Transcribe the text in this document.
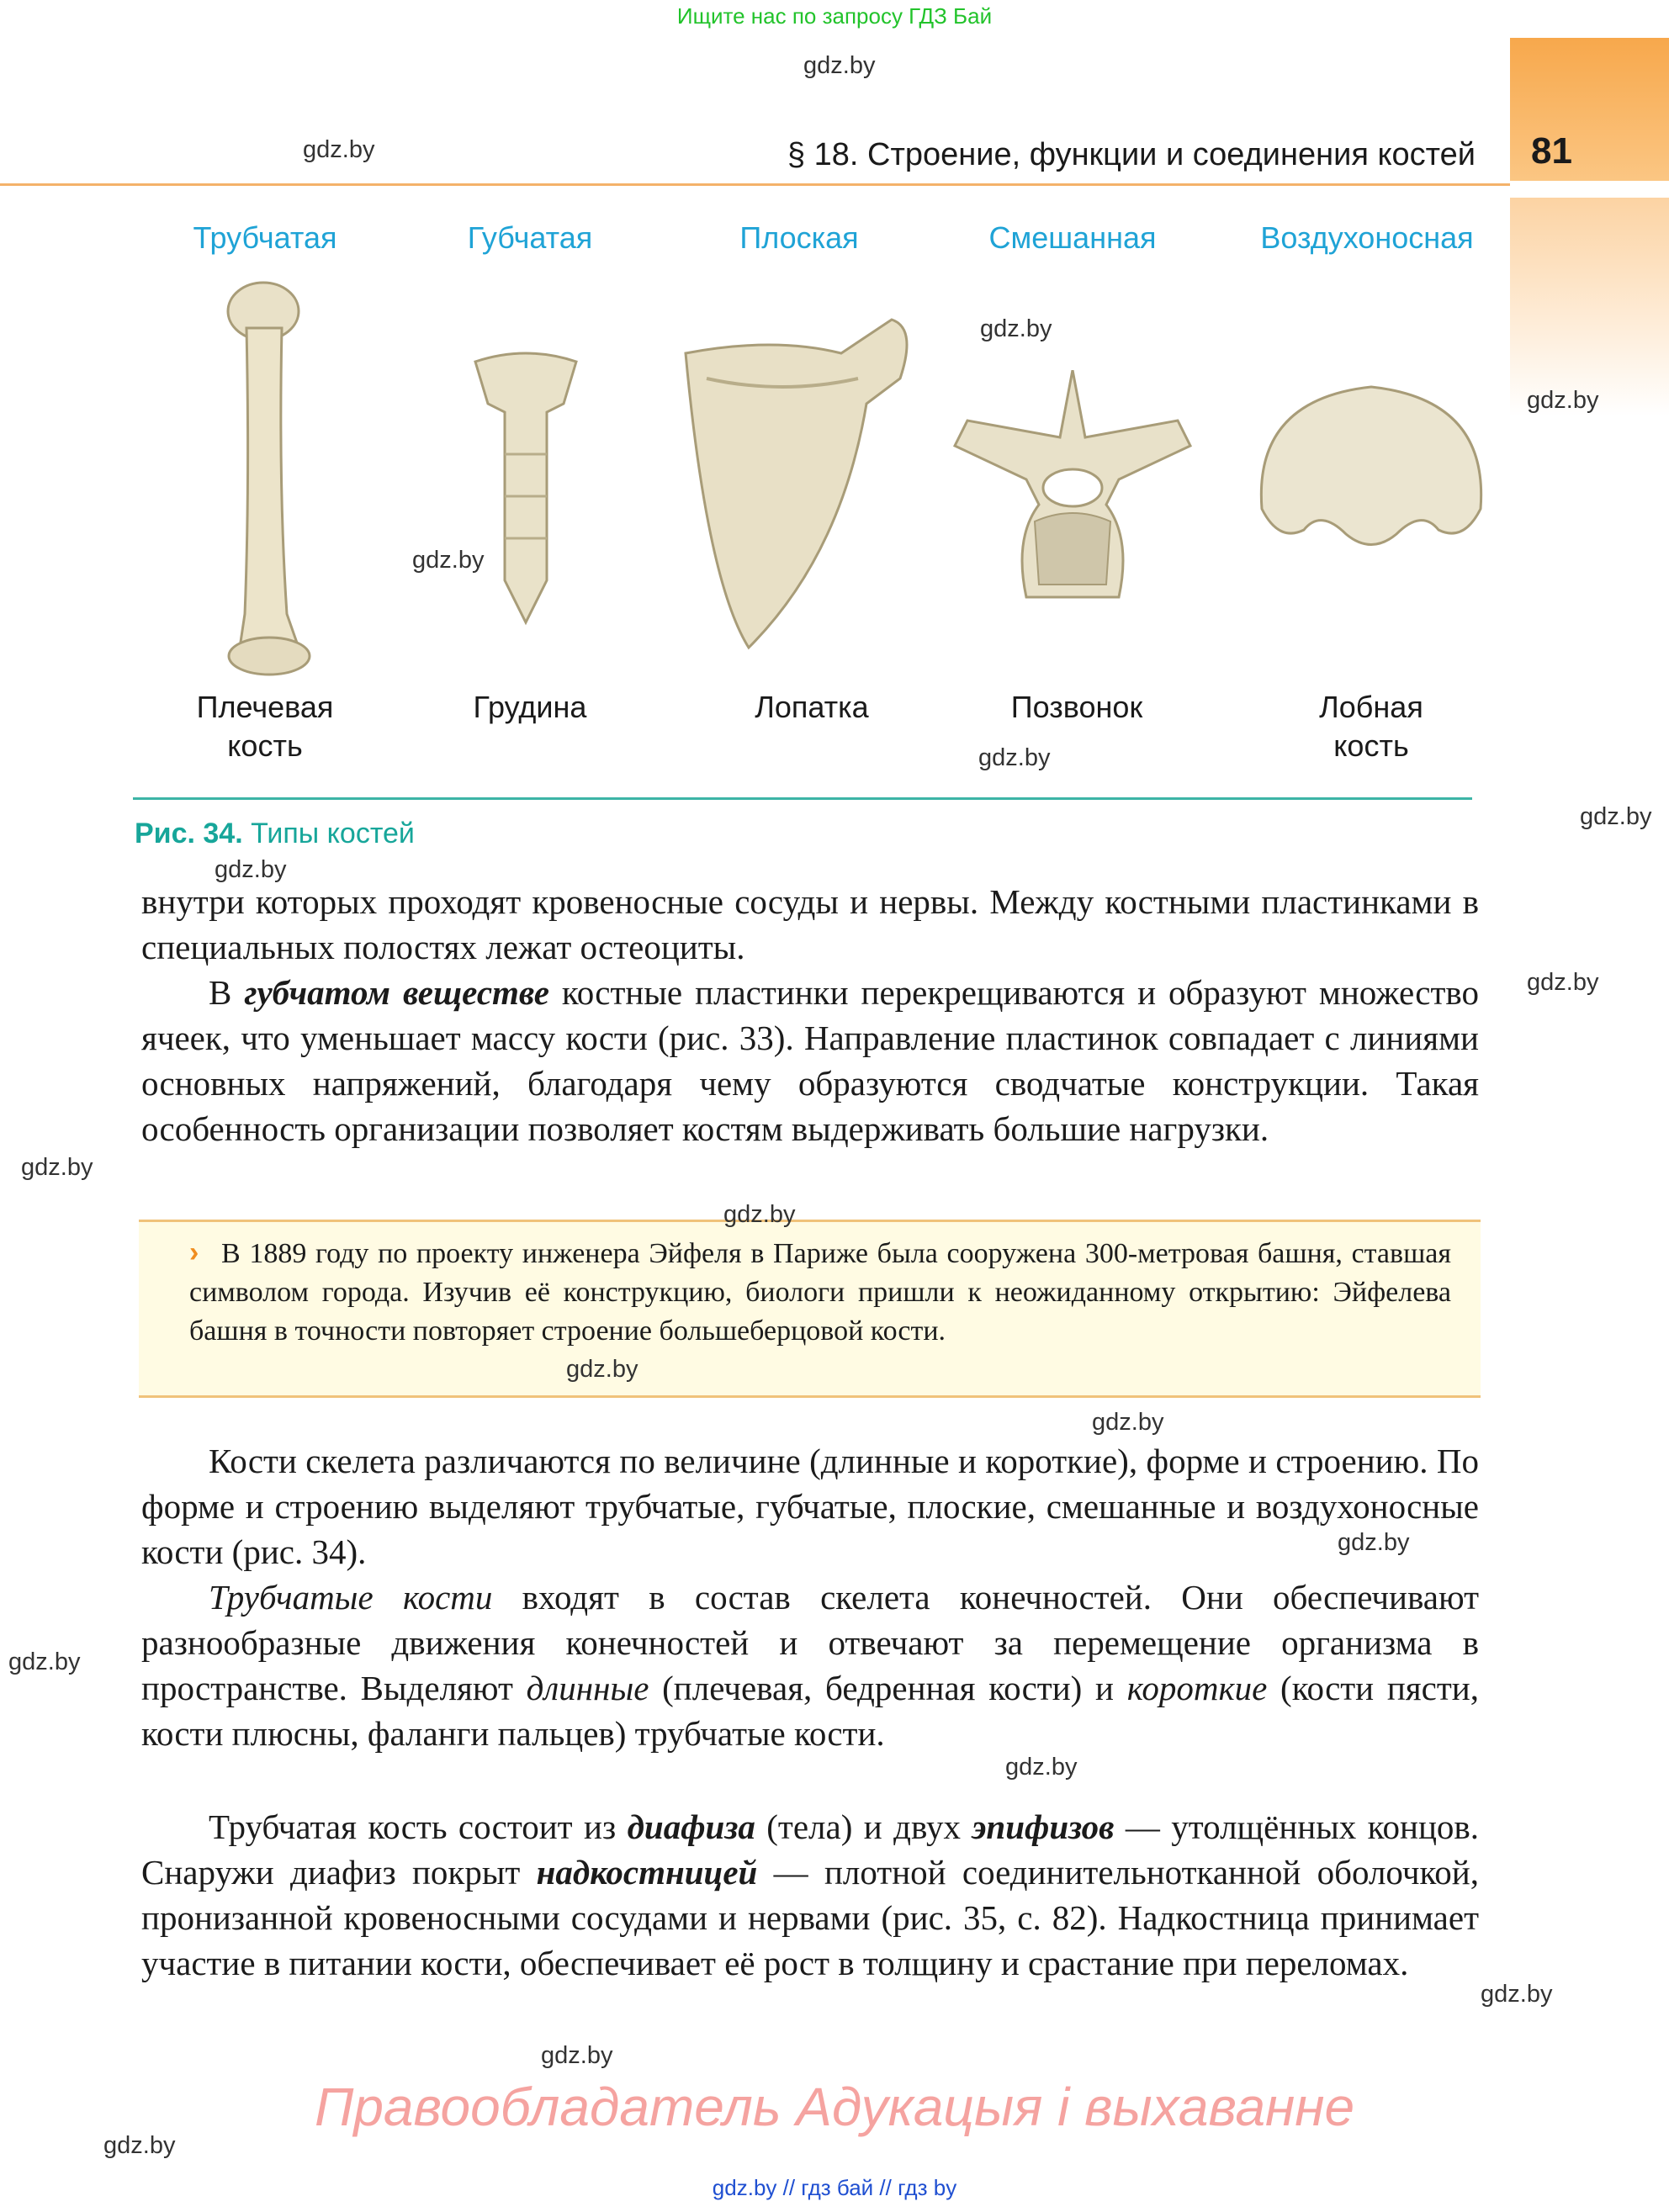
Ищите нас по запросу ГДЗ Бай
81
§ 18. Строение, функции и соединения костей
Трубчатая	Губчатая	Плоская	Смешанная	Воздухоносная
Плечевая кость
Грудина	Лопатка	Позвонок	Лобная кость
Рис. 34. Типы костей
внутри которых проходят кровеносные сосуды и нервы. Между костными пластинками в специальных полостях лежат остеоциты.
В губчатом веществе костные пластинки перекрещиваются и образуют множество ячеек, что уменьшает массу кости (рис. 33). Направление пластинок совпадает с линиями основных напряжений, благодаря чему образуются сводчатые конструкции. Такая особенность организации позволяет костям выдерживать большие нагрузки.
› В 1889 году по проекту инженера Эйфеля в Париже была сооружена 300-метровая башня, ставшая символом города. Изучив её конструкцию, биологи пришли к неожиданному открытию: Эйфелева башня в точности повторяет строение большеберцовой кости.
Кости скелета различаются по величине (длинные и короткие), форме и строению. По форме и строению выделяют трубчатые, губчатые, плоские, смешанные и воздухоносные кости (рис. 34).
Трубчатые кости входят в состав скелета конечностей. Они обеспечивают разнообразные движения конечностей и отвечают за перемещение организма в пространстве. Выделяют длинные (плечевая, бедренная кости) и короткие (кости пясти, кости плюсны, фаланги пальцев) трубчатые кости.
Трубчатая кость состоит из диафиза (тела) и двух эпифизов — утолщённых концов. Снаружи диафиз покрыт надкостницей — плотной соединительнотканной оболочкой, пронизанной кровеносными сосудами и нервами (рис. 35, с. 82). Надкостница принимает участие в питании кости, обеспечивает её рост в толщину и срастание при переломах.
gdz.by
gdz.by
gdz.by
gdz.by
gdz.by
gdz.by
gdz.by
gdz.by
gdz.by
gdz.by
gdz.by
gdz.by
gdz.by
gdz.by
gdz.by
gdz.by
gdz.by
gdz.by
gdz.by
Правообладатель Адукацыя і выхаванне
gdz.by // гдз бай // гдз by
